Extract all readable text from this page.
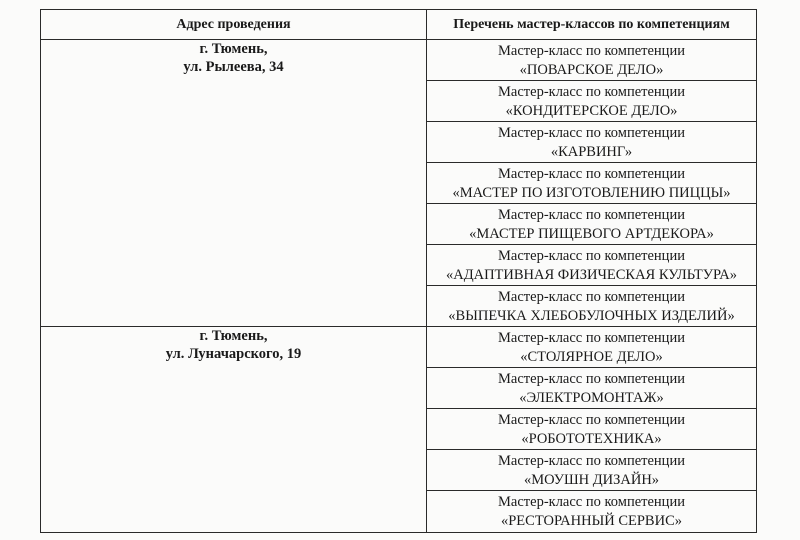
Адрес проведения	Перечень мастер-классов по компетенциям

г. Тюмень,
ул. Рылеева, 34	Мастер-класс по компетенции
«ПОВАРСКОЕ ДЕЛО»

	Мастер-класс по компетенции
«КОНДИТЕРСКОЕ ДЕЛО»

	Мастер-класс по компетенции
«КАРВИНГ»

	Мастер-класс по компетенции
«МАСТЕР ПО ИЗГОТОВЛЕНИЮ ПИЦЦЫ»

	Мастер-класс по компетенции
«МАСТЕР ПИЩЕВОГО АРТДЕКОРА»

	Мастер-класс по компетенции
«АДАПТИВНАЯ ФИЗИЧЕСКАЯ КУЛЬТУРА»

	Мастер-класс по компетенции
«ВЫПЕЧКА ХЛЕБОБУЛОЧНЫХ ИЗДЕЛИЙ»

г. Тюмень,
ул. Луначарского, 19	Мастер-класс по компетенции
«СТОЛЯРНОЕ ДЕЛО»

	Мастер-класс по компетенции
«ЭЛЕКТРОМОНТАЖ»

	Мастер-класс по компетенции
«РОБОТОТЕХНИКА»

	Мастер-класс по компетенции
«МОУШН ДИЗАЙН»

	Мастер-класс по компетенции
«РЕСТОРАННЫЙ СЕРВИС»
